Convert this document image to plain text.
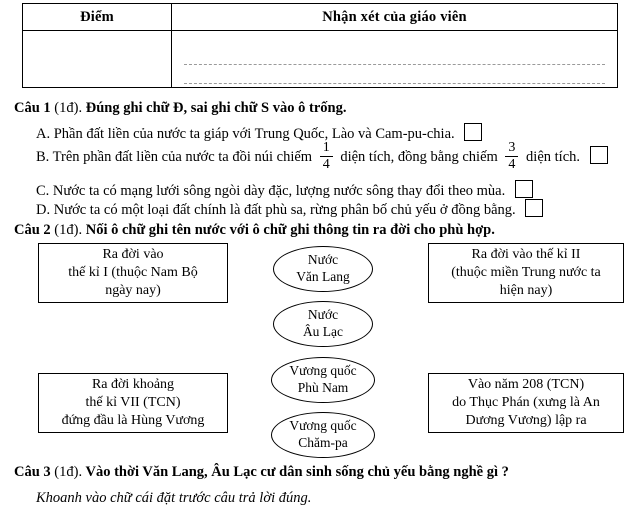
Điểm	Nhận xét của giáo viên

Câu 1 (1đ). Đúng ghi chữ Đ, sai ghi chữ S vào ô trống.
A. Phần đất liền của nước ta giáp với Trung Quốc, Lào và Cam-pu-chia.
B. Trên phần đất liền của nước ta đồi núi chiếm $\frac{1}{4}$ diện tích, đồng bằng chiếm $\frac{3}{4}$ diện tích.
C. Nước ta có mạng lưới sông ngòi dày đặc, lượng nước sông thay đổi theo mùa.
D. Nước ta có một loại đất chính là đất phù sa, rừng phân bố chủ yếu ở đồng bằng.
Câu 2 (1đ). Nối ô chữ ghi tên nước với ô chữ ghi thông tin ra đời cho phù hợp.
Ra đời vào
thế kỉ I (thuộc Nam Bộ
ngày nay)
Ra đời khoảng
thế kỉ VII (TCN)
đứng đầu là Hùng Vương
Nước
Văn Lang
Nước
Âu Lạc
Vương quốc
Phù Nam
Vương quốc
Chăm-pa
Ra đời vào thế kỉ II
(thuộc miền Trung nước ta
hiện nay)
Vào năm 208 (TCN)
do Thục Phán (xưng là An
Dương Vương) lập ra
Câu 3 (1đ). Vào thời Văn Lang, Âu Lạc cư dân sinh sống chủ yếu bằng nghề gì ?
Khoanh vào chữ cái đặt trước câu trả lời đúng.
